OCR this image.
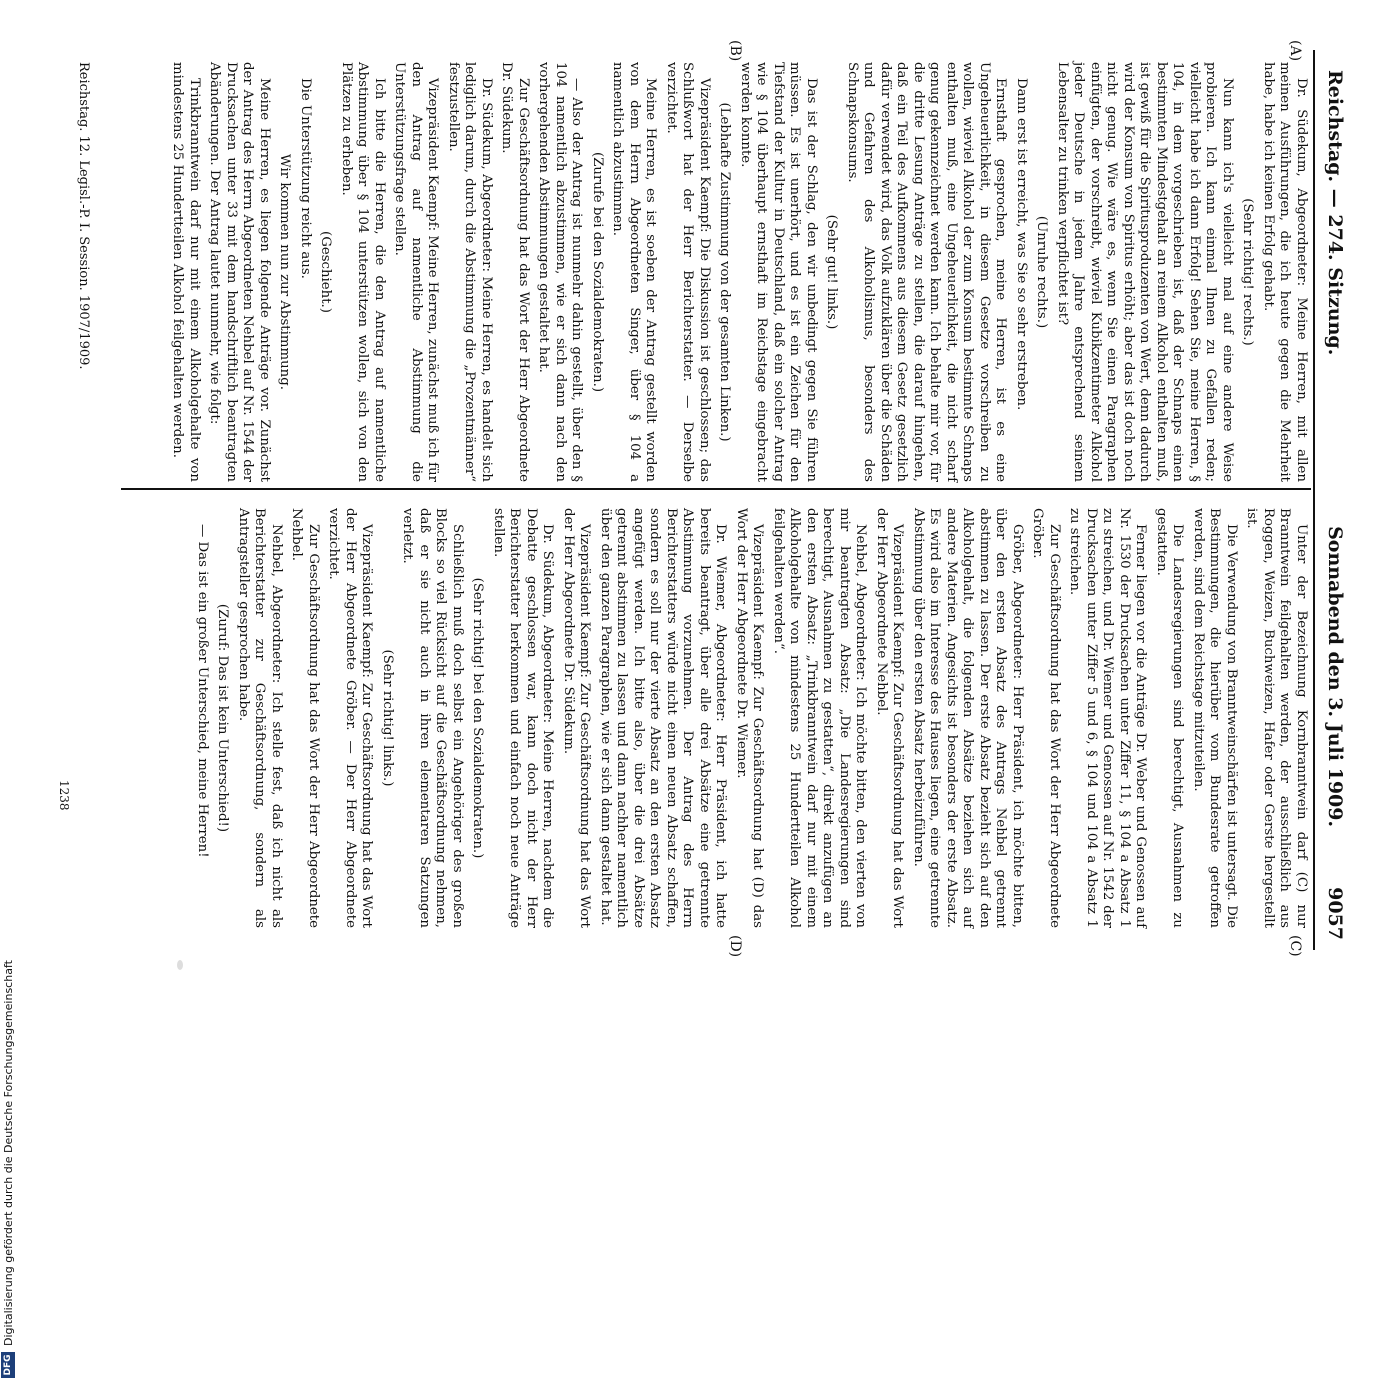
Reichstag. — 274. Sitzung.
Sonnabend den 3. Juli 1909.
9057
(A)
(B)
(C)
(D)

Dr. Südekum, Abgeordneter: Meine Herren, mit allen meinen Ausführungen, die ich heute gegen die Mehrheit habe, habe ich keinen Erfolg gehabt.

(Sehr richtig! rechts.)

Nun kann ich's vielleicht mal auf eine andere Weise probieren. Ich kann einmal Ihnen zu Gefallen reden; vielleicht habe ich dann Erfolg! Sehen Sie, meine Herren, § 104, in dem vorgeschrieben ist, daß der Schnaps einen bestimmten Mindestgehalt an reinem Alkohol enthalten muß, ist gewiß für die Spiritusproduzenten von Wert, denn dadurch wird der Konsum von Spiritus erhöht; aber das ist doch noch nicht genug. Wie wäre es, wenn Sie einen Paragraphen einfügten, der vorschreibt, wieviel Kubikzentimeter Alkohol jeder Deutsche in jedem Jahre entsprechend seinem Lebensalter zu trinken verpflichtet ist?

(Unruhe rechts.)

Dann erst ist erreicht, was Sie so sehr erstreben.

Ernsthaft gesprochen, meine Herren, ist es eine Ungeheuerlichkeit, in diesem Gesetze vorschreiben zu wollen, wieviel Alkohol der zum Konsum bestimmte Schnaps enthalten muß, eine Ungeheuerlichkeit, die nicht scharf genug gekennzeichnet werden kann. Ich behalte mir vor, für die dritte Lesung Anträge zu stellen, die darauf hingehen, daß ein Teil des Aufkommens aus diesem Gesetz gesetzlich dafür verwendet wird, das Volk aufzuklären über die Schäden und Gefahren des Alkoholismus, besonders des Schnapskonsums.

(Sehr gut! links.)

Das ist der Schlag, den wir unbedingt gegen Sie führen müssen. Es ist unerhört, und es ist ein Zeichen für den Tiefstand der Kultur in Deutschland, daß ein solcher Antrag wie § 104 überhaupt ernsthaft im Reichstage eingebracht werden konnte.

(Lebhafte Zustimmung von der gesamten Linken.)

Vizepräsident Kaempf: Die Diskussion ist geschlossen; das Schlußwort hat der Herr Berichterstatter. — Derselbe verzichtet.

Meine Herren, es ist soeben der Antrag gestellt worden von dem Herrn Abgeordneten Singer, über § 104 a namentlich abzustimmen.

(Zurufe bei den Sozialdemokraten.)

— Also der Antrag ist nunmehr dahin gestellt, über den § 104 namentlich abzustimmen, wie er sich dann nach den vorhergehenden Abstimmungen gestaltet hat.

Zur Geschäftsordnung hat das Wort der Herr Abgeordnete Dr. Südekum.

Dr. Südekum, Abgeordneter: Meine Herren, es handelt sich lediglich darum, durch die Abstimmung die „Prozentmänner“ festzustellen.

Vizepräsident Kaempf: Meine Herren, zunächst muß ich für den Antrag auf namentliche Abstimmung die Unterstützungsfrage stellen.

Ich bitte die Herren, die den Antrag auf namentliche Abstimmung über § 104 unterstützen wollen, sich von den Plätzen zu erheben.

(Geschieht.)

Die Unterstützung reicht aus.

Wir kommen nun zur Abstimmung.

Meine Herren, es liegen folgende Anträge vor. Zunächst der Antrag des Herrn Abgeordneten Nehbel auf Nr. 1544 der Drucksachen unter 33 mit dem handschriftlich beantragten Abänderungen. Der Antrag lautet nunmehr, wie folgt:

Trinkbranntwein darf nur mit einem Alkoholgehalte von mindestens 25 Hundertteilen Alkohol feilgehalten werden.

Unter der Bezeichnung Kornbranntwein darf (C) nur Branntwein feilgehalten werden, der ausschließlich aus Roggen, Weizen, Buchweizen, Hafer oder Gerste hergestellt ist.

Die Verwendung von Branntweinschärfen ist untersagt. Die Bestimmungen, die hierüber vom Bundesrate getroffen werden, sind dem Reichstage mitzuteilen.

Die Landesregierungen sind berechtigt, Ausnahmen zu gestatten.

Ferner liegen vor die Anträge Dr. Weber und Genossen auf Nr. 1530 der Drucksachen unter Ziffer 11, § 104 a Absatz 1 zu streichen, und Dr. Wiemer und Genossen auf Nr. 1542 der Drucksachen unter Ziffer 5 und 6, § 104 und 104 a Absatz 1 zu streichen.

Zur Geschäftsordnung hat das Wort der Herr Abgeordnete Gröber.

Gröber, Abgeordneter: Herr Präsident, ich möchte bitten, über den ersten Absatz des Antrags Nehbel getrennt abstimmen zu lassen. Der erste Absatz bezieht sich auf den Alkoholgehalt, die folgenden Absätze beziehen sich auf andere Materien. Angesichts ist besonders der erste Absatz. Es wird also im Interesse des Hauses liegen, eine getrennte Abstimmung über den ersten Absatz herbeizuführen.

Vizepräsident Kaempf: Zur Geschäftsordnung hat das Wort der Herr Abgeordnete Nehbel.

Nehbel, Abgeordneter: Ich möchte bitten, den vierten von mir beantragten Absatz: „Die Landesregierungen sind berechtigt, Ausnahmen zu gestatten“, direkt anzufügen an den ersten Absatz: „Trinkbranntwein darf nur mit einem Alkoholgehalte von mindestens 25 Hundertteilen Alkohol feilgehalten werden“.

Vizepräsident Kaempf: Zur Geschäftsordnung hat (D) das Wort der Herr Abgeordnete Dr. Wiemer.

Dr. Wiemer, Abgeordneter: Herr Präsident, ich hatte bereits beantragt, über alle drei Absätze eine getrennte Abstimmung vorzunehmen. Der Antrag des Herrn Berichterstatters würde nicht einen neuen Absatz schaffen, sondern es soll nur der vierte Absatz an den ersten Absatz angefügt werden. Ich bitte also, über die drei Absätze getrennt abstimmen zu lassen und dann nachher namentlich über den ganzen Paragraphen, wie er sich dann gestaltet hat.

Vizepräsident Kaempf: Zur Geschäftsordnung hat das Wort der Herr Abgeordnete Dr. Südekum.

Dr. Südekum, Abgeordneter: Meine Herren, nachdem die Debatte geschlossen war, kann doch nicht der Herr Berichterstatter herkommen und einfach noch neue Anträge stellen.

(Sehr richtig! bei den Sozialdemokraten.)

Schließlich muß doch selbst ein Angehöriger des großen Blocks so viel Rücksicht auf die Geschäftsordnung nehmen, daß er sie nicht auch in ihren elementaren Satzungen verletzt.

(Sehr richtig! links.)

Vizepräsident Kaempf: Zur Geschäftsordnung hat das Wort der Herr Abgeordnete Gröber. — Der Herr Abgeordnete verzichtet.

Zur Geschäftsordnung hat das Wort der Herr Abgeordnete Nehbel.

Nehbel, Abgeordneter: Ich stelle fest, daß ich nicht als Berichterstatter zur Geschäftsordnung, sondern als Antragsteller gesprochen habe.

(Zuruf: Das ist kein Unterschied!)

— Das ist ein großer Unterschied, meine Herren!

Reichstag. 12. Legisl.-P. I. Session. 1907/1909.
1238
DFG
Digitalisierung gefördert durch die Deutsche Forschungsgemeinschaft
